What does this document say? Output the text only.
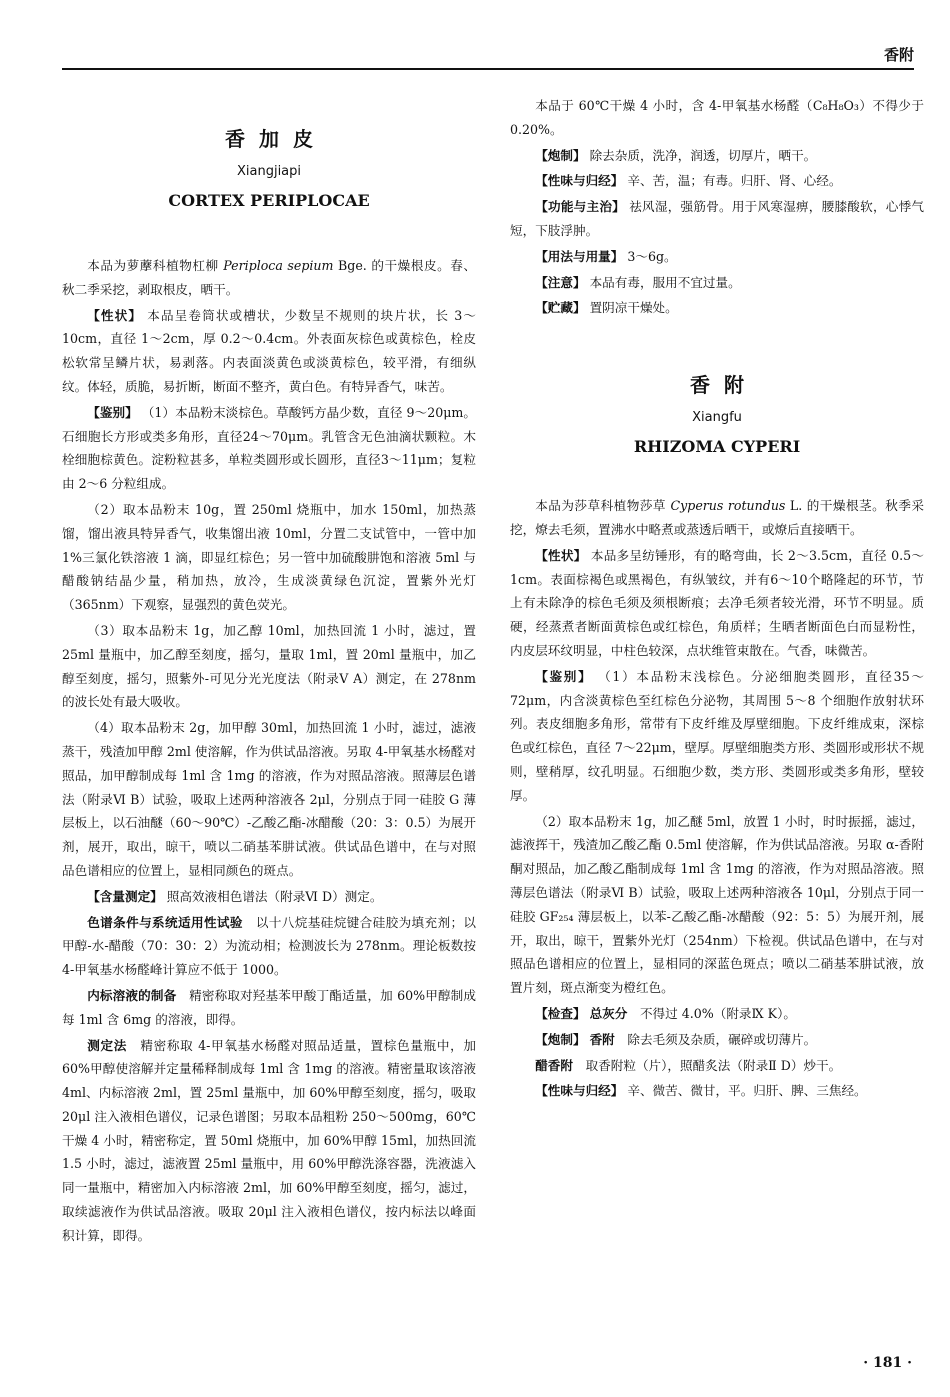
香附
香加皮
Xiangjiapi
CORTEX PERIPLOCAE

本品为萝藦科植物杠柳 Periploca sepium Bge. 的干燥根皮。春、秋二季采挖，剥取根皮，晒干。

【性状】 本品呈卷筒状或槽状，少数呈不规则的块片状，长 3～10cm，直径 1～2cm，厚 0.2～0.4cm。外表面灰棕色或黄棕色，栓皮松软常呈鳞片状，易剥落。内表面淡黄色或淡黄棕色，较平滑，有细纵纹。体轻，质脆，易折断，断面不整齐，黄白色。有特异香气，味苦。

【鉴别】 （1）本品粉末淡棕色。草酸钙方晶少数，直径 9～20μm。石细胞长方形或类多角形，直径24～70μm。乳管含无色油滴状颗粒。木栓细胞棕黄色。淀粉粒甚多，单粒类圆形或长圆形，直径3～11μm；复粒由 2～6 分粒组成。

（2）取本品粉末 10g，置 250ml 烧瓶中，加水 150ml，加热蒸馏，馏出液具特异香气，收集馏出液 10ml，分置二支试管中，一管中加 1%三氯化铁溶液 1 滴，即显红棕色；另一管中加硫酸肼饱和溶液 5ml 与醋酸钠结晶少量，稍加热，放冷，生成淡黄绿色沉淀，置紫外光灯（365nm）下观察，显强烈的黄色荧光。

（3）取本品粉末 1g，加乙醇 10ml，加热回流 1 小时，滤过，置 25ml 量瓶中，加乙醇至刻度，摇匀，量取 1ml，置 20ml 量瓶中，加乙醇至刻度，摇匀，照紫外-可见分光光度法（附录Ⅴ A）测定，在 278nm 的波长处有最大吸收。

（4）取本品粉末 2g，加甲醇 30ml，加热回流 1 小时，滤过，滤液蒸干，残渣加甲醇 2ml 使溶解，作为供试品溶液。另取 4-甲氧基水杨醛对照品，加甲醇制成每 1ml 含 1mg 的溶液，作为对照品溶液。照薄层色谱法（附录Ⅵ B）试验，吸取上述两种溶液各 2μl，分别点于同一硅胶 G 薄层板上，以石油醚（60～90℃）-乙酸乙酯-冰醋酸（20：3：0.5）为展开剂，展开，取出，晾干，喷以二硝基苯肼试液。供试品色谱中，在与对照品色谱相应的位置上，显相同颜色的斑点。

【含量测定】 照高效液相色谱法（附录Ⅵ D）测定。

色谱条件与系统适用性试验　 以十八烷基硅烷键合硅胶为填充剂；以甲醇-水-醋酸（70：30：2）为流动相；检测波长为 278nm。理论板数按 4-甲氧基水杨醛峰计算应不低于 1000。

内标溶液的制备　 精密称取对羟基苯甲酸丁酯适量，加 60%甲醇制成每 1ml 含 6mg 的溶液，即得。

测定法　 精密称取 4-甲氧基水杨醛对照品适量，置棕色量瓶中，加 60%甲醇使溶解并定量稀释制成每 1ml 含 1mg 的溶液。精密量取该溶液 4ml、内标溶液 2ml，置 25ml 量瓶中，加 60%甲醇至刻度，摇匀，吸取 20μl 注入液相色谱仪，记录色谱图；另取本品粗粉 250～500mg，60℃干燥 4 小时，精密称定，置 50ml 烧瓶中，加 60%甲醇 15ml，加热回流 1.5 小时，滤过，滤液置 25ml 量瓶中，用 60%甲醇洗涤容器，洗液滤入同一量瓶中，精密加入内标溶液 2ml，加 60%甲醇至刻度，摇匀，滤过，取续滤液作为供试品溶液。吸取 20μl 注入液相色谱仪，按内标法以峰面积计算，即得。

本品于 60℃干燥 4 小时，含 4-甲氧基水杨醛（C₈H₈O₃）不得少于 0.20%。

【炮制】 除去杂质，洗净，润透，切厚片，晒干。

【性味与归经】 辛、苦，温；有毒。归肝、肾、心经。

【功能与主治】 祛风湿，强筋骨。用于风寒湿痹，腰膝酸软，心悸气短，下肢浮肿。

【用法与用量】 3～6g。

【注意】 本品有毒，服用不宜过量。

【贮藏】 置阴凉干燥处。

香附
Xiangfu
RHIZOMA CYPERI

本品为莎草科植物莎草 Cyperus rotundus L. 的干燥根茎。秋季采挖，燎去毛须，置沸水中略煮或蒸透后晒干，或燎后直接晒干。

【性状】 本品多呈纺锤形，有的略弯曲，长 2～3.5cm，直径 0.5～1cm。表面棕褐色或黑褐色，有纵皱纹，并有6～10个略隆起的环节，节上有未除净的棕色毛须及须根断痕；去净毛须者较光滑，环节不明显。质硬，经蒸煮者断面黄棕色或红棕色，角质样；生晒者断面色白而显粉性，内皮层环纹明显，中柱色较深，点状维管束散在。气香，味微苦。

【鉴别】 （1）本品粉末浅棕色。分泌细胞类圆形，直径35～72μm，内含淡黄棕色至红棕色分泌物，其周围 5～8 个细胞作放射状环列。表皮细胞多角形，常带有下皮纤维及厚壁细胞。下皮纤维成束，深棕色或红棕色，直径 7～22μm，壁厚。厚壁细胞类方形、类圆形或形状不规则，壁稍厚，纹孔明显。石细胞少数，类方形、类圆形或类多角形，壁较厚。

（2）取本品粉末 1g，加乙醚 5ml，放置 1 小时，时时振摇，滤过，滤液挥干，残渣加乙酸乙酯 0.5ml 使溶解，作为供试品溶液。另取 α-香附酮对照品，加乙酸乙酯制成每 1ml 含 1mg 的溶液，作为对照品溶液。照薄层色谱法（附录Ⅵ B）试验，吸取上述两种溶液各 10μl，分别点于同一硅胶 GF₂₅₄ 薄层板上，以苯-乙酸乙酯-冰醋酸（92：5：5）为展开剂，展开，取出，晾干，置紫外光灯（254nm）下检视。供试品色谱中，在与对照品色谱相应的位置上，显相同的深蓝色斑点；喷以二硝基苯肼试液，放置片刻，斑点渐变为橙红色。

【检查】 总灰分　 不得过 4.0%（附录Ⅸ K）。

【炮制】 香附　 除去毛须及杂质，碾碎或切薄片。

醋香附　 取香附粒（片），照醋炙法（附录Ⅱ D）炒干。

【性味与归经】 辛、微苦、微甘，平。归肝、脾、三焦经。

· 181 ·
